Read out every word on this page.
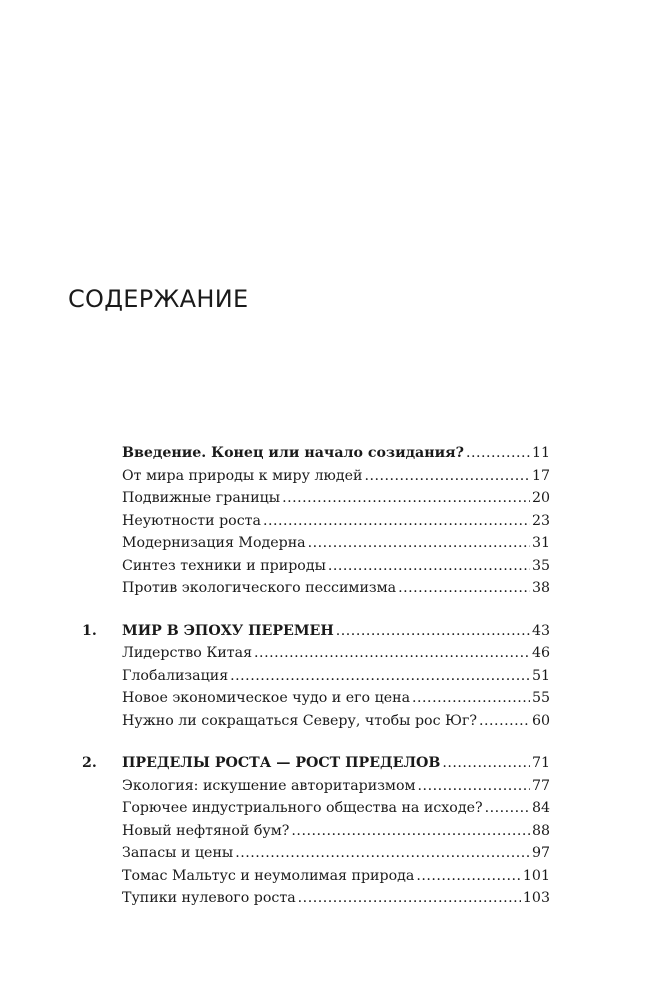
СОДЕРЖАНИЕ
Введение. Конец или начало созидания? .....	11
От мира природы к миру людей .....	17
Подвижные границы .....	20
Неуютности роста .....	23
Модернизация Модерна .....	31
Синтез техники и природы .....	35
Против экологического пессимизма .....	38
1. МИР В ЭПОХУ ПЕРЕМЕН .....	43
Лидерство Китая .....	46
Глобализация .....	51
Новое экономическое чудо и его цена .....	55
Нужно ли сокращаться Северу, чтобы рос Юг? .....	60
2. ПРЕДЕЛЫ РОСТА — РОСТ ПРЕДЕЛОВ .....	71
Экология: искушение авторитаризмом .....	77
Горючее индустриального общества на исходе? .....	84
Новый нефтяной бум? .....	88
Запасы и цены .....	97
Томас Мальтус и неумолимая природа .....	101
Тупики нулевого роста .....	103
